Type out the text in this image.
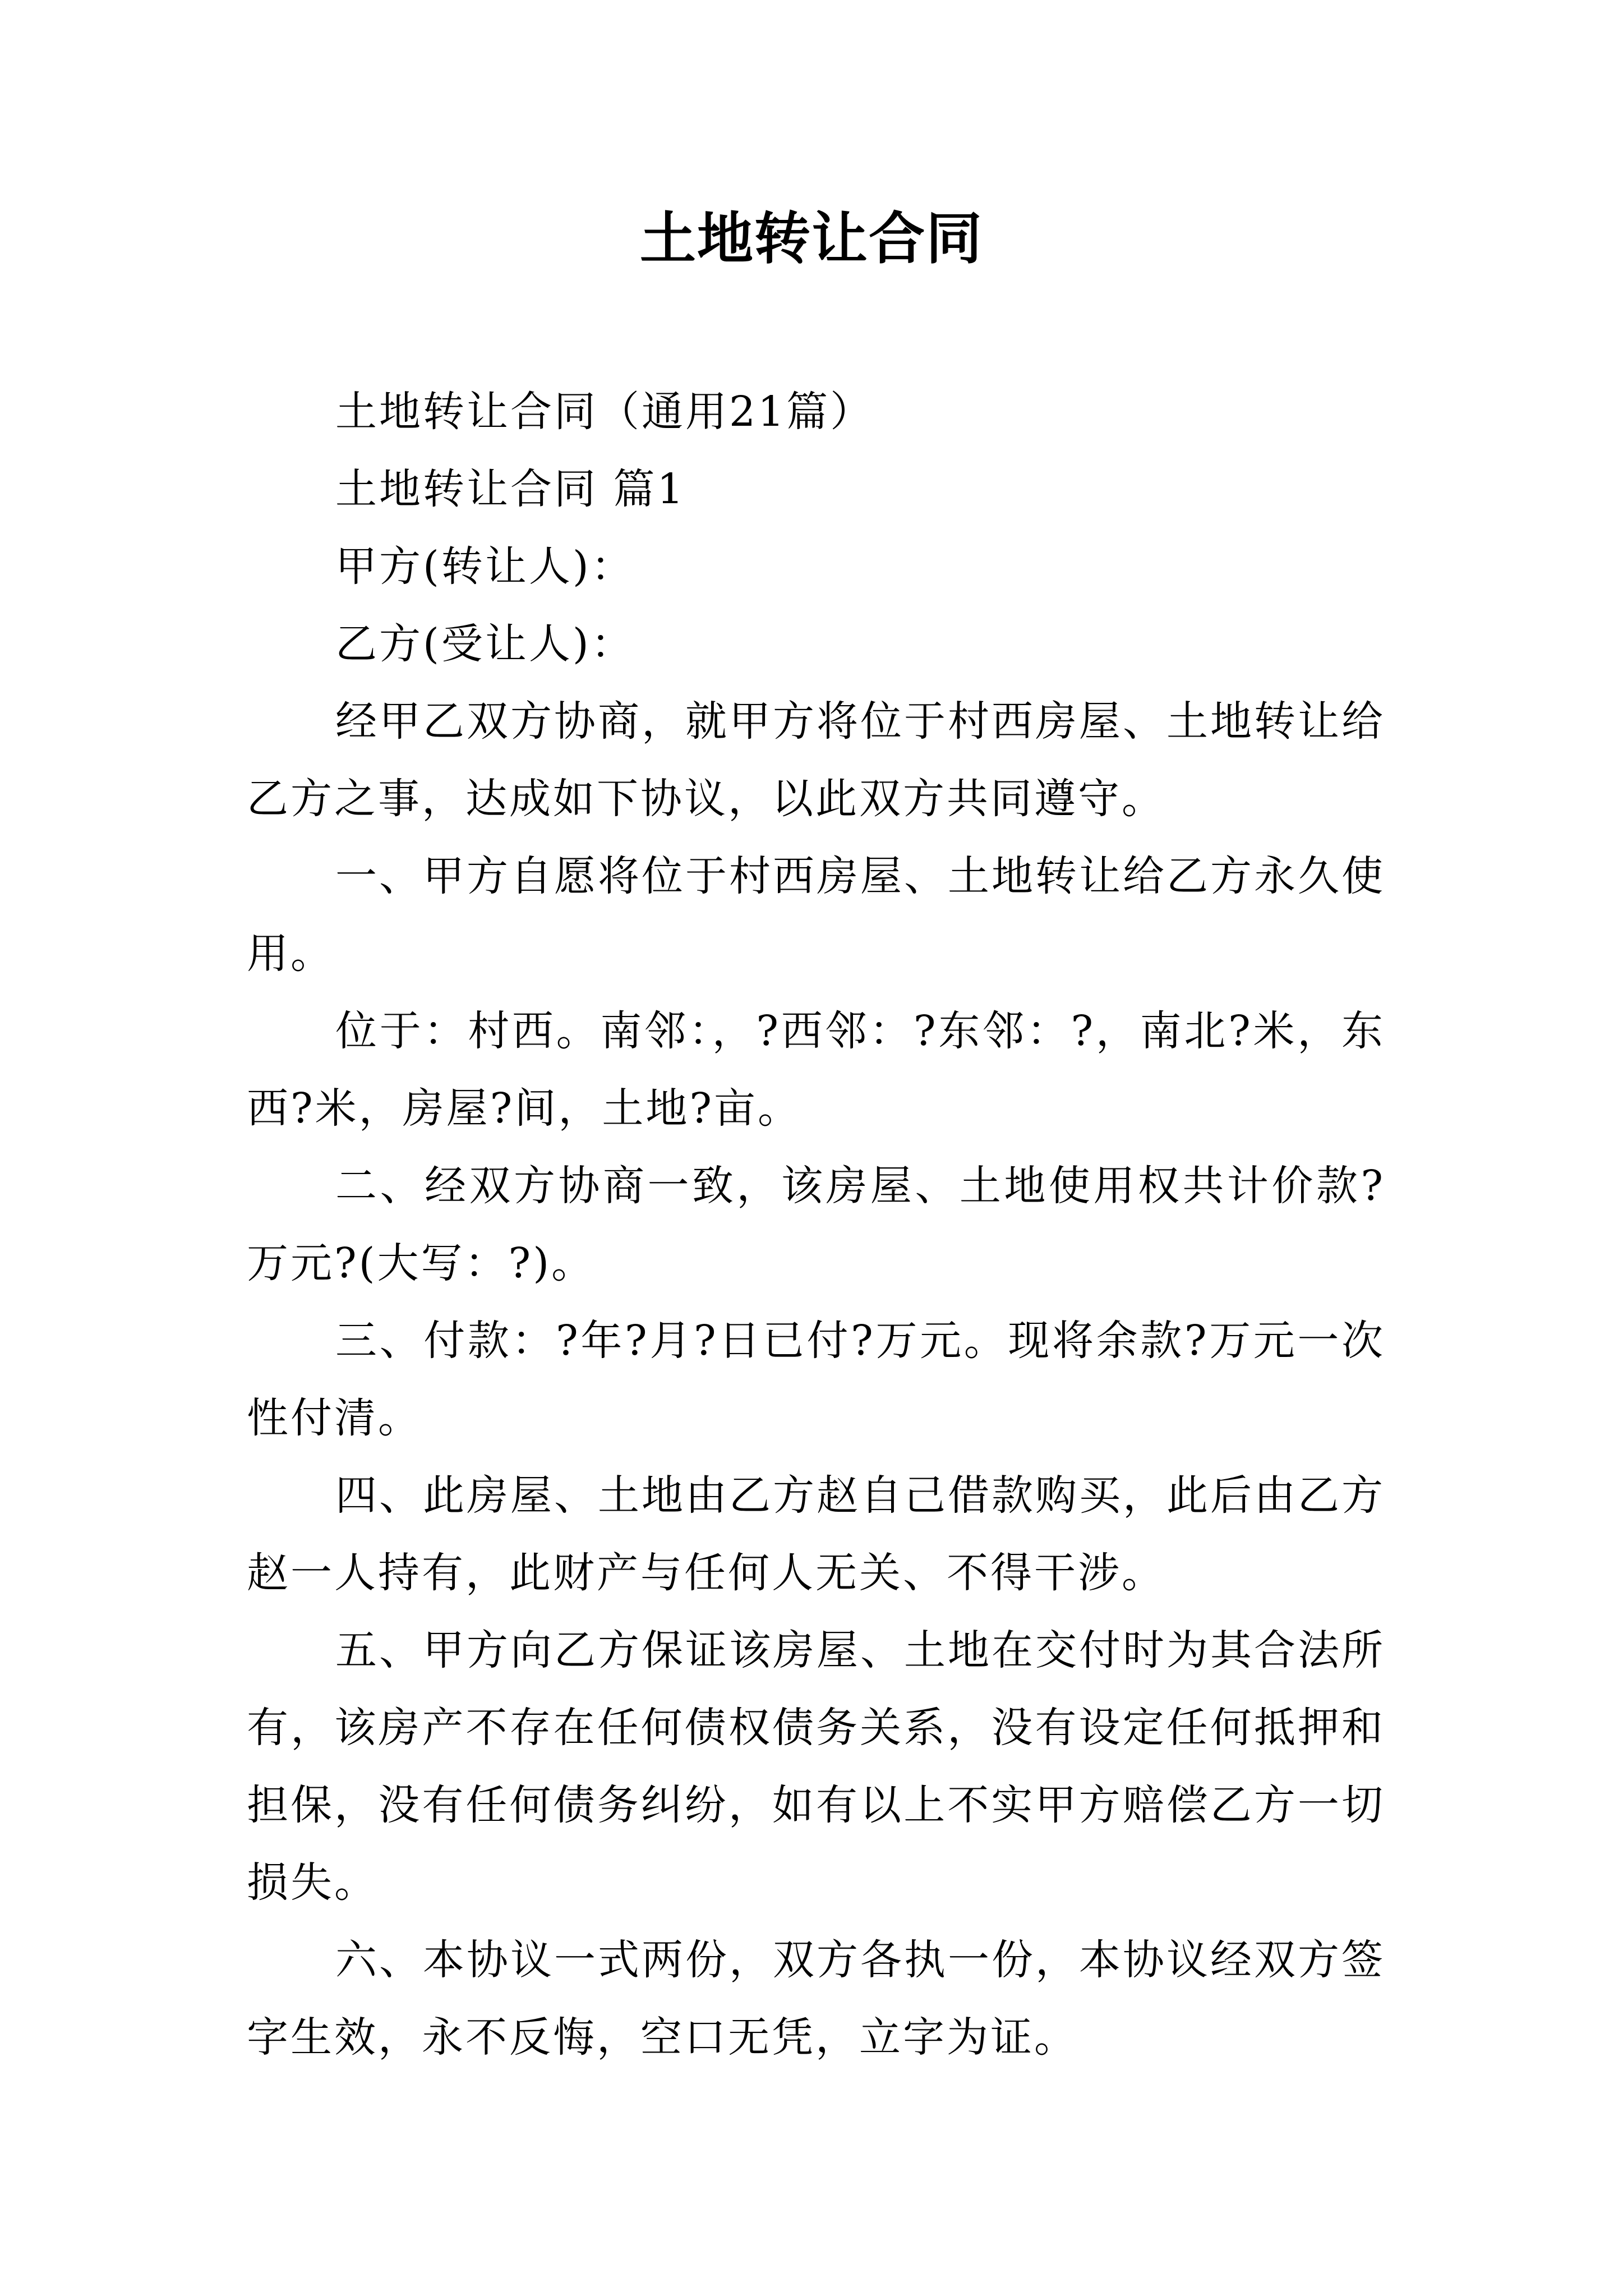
土地转让合同

土地转让合同（通用21篇）

土地转让合同 篇1

甲方(转让人)：

乙方(受让人)：

经甲乙双方协商，就甲方将位于村西房屋、土地转让给乙方之事，达成如下协议，以此双方共同遵守。

一、甲方自愿将位于村西房屋、土地转让给乙方永久使用。

位于：村西。南邻：，?西邻：?东邻：?，南北?米，东西?米，房屋?间，土地?亩。

二、经双方协商一致，该房屋、土地使用权共计价款?万元?(大写：?)。

三、付款：?年?月?日已付?万元。现将余款?万元一次性付清。

四、此房屋、土地由乙方赵自己借款购买，此后由乙方赵一人持有，此财产与任何人无关、不得干涉。

五、甲方向乙方保证该房屋、土地在交付时为其合法所有，该房产不存在任何债权债务关系，没有设定任何抵押和担保，没有任何债务纠纷，如有以上不实甲方赔偿乙方一切损失。

六、本协议一式两份，双方各执一份，本协议经双方签字生效，永不反悔，空口无凭，立字为证。
